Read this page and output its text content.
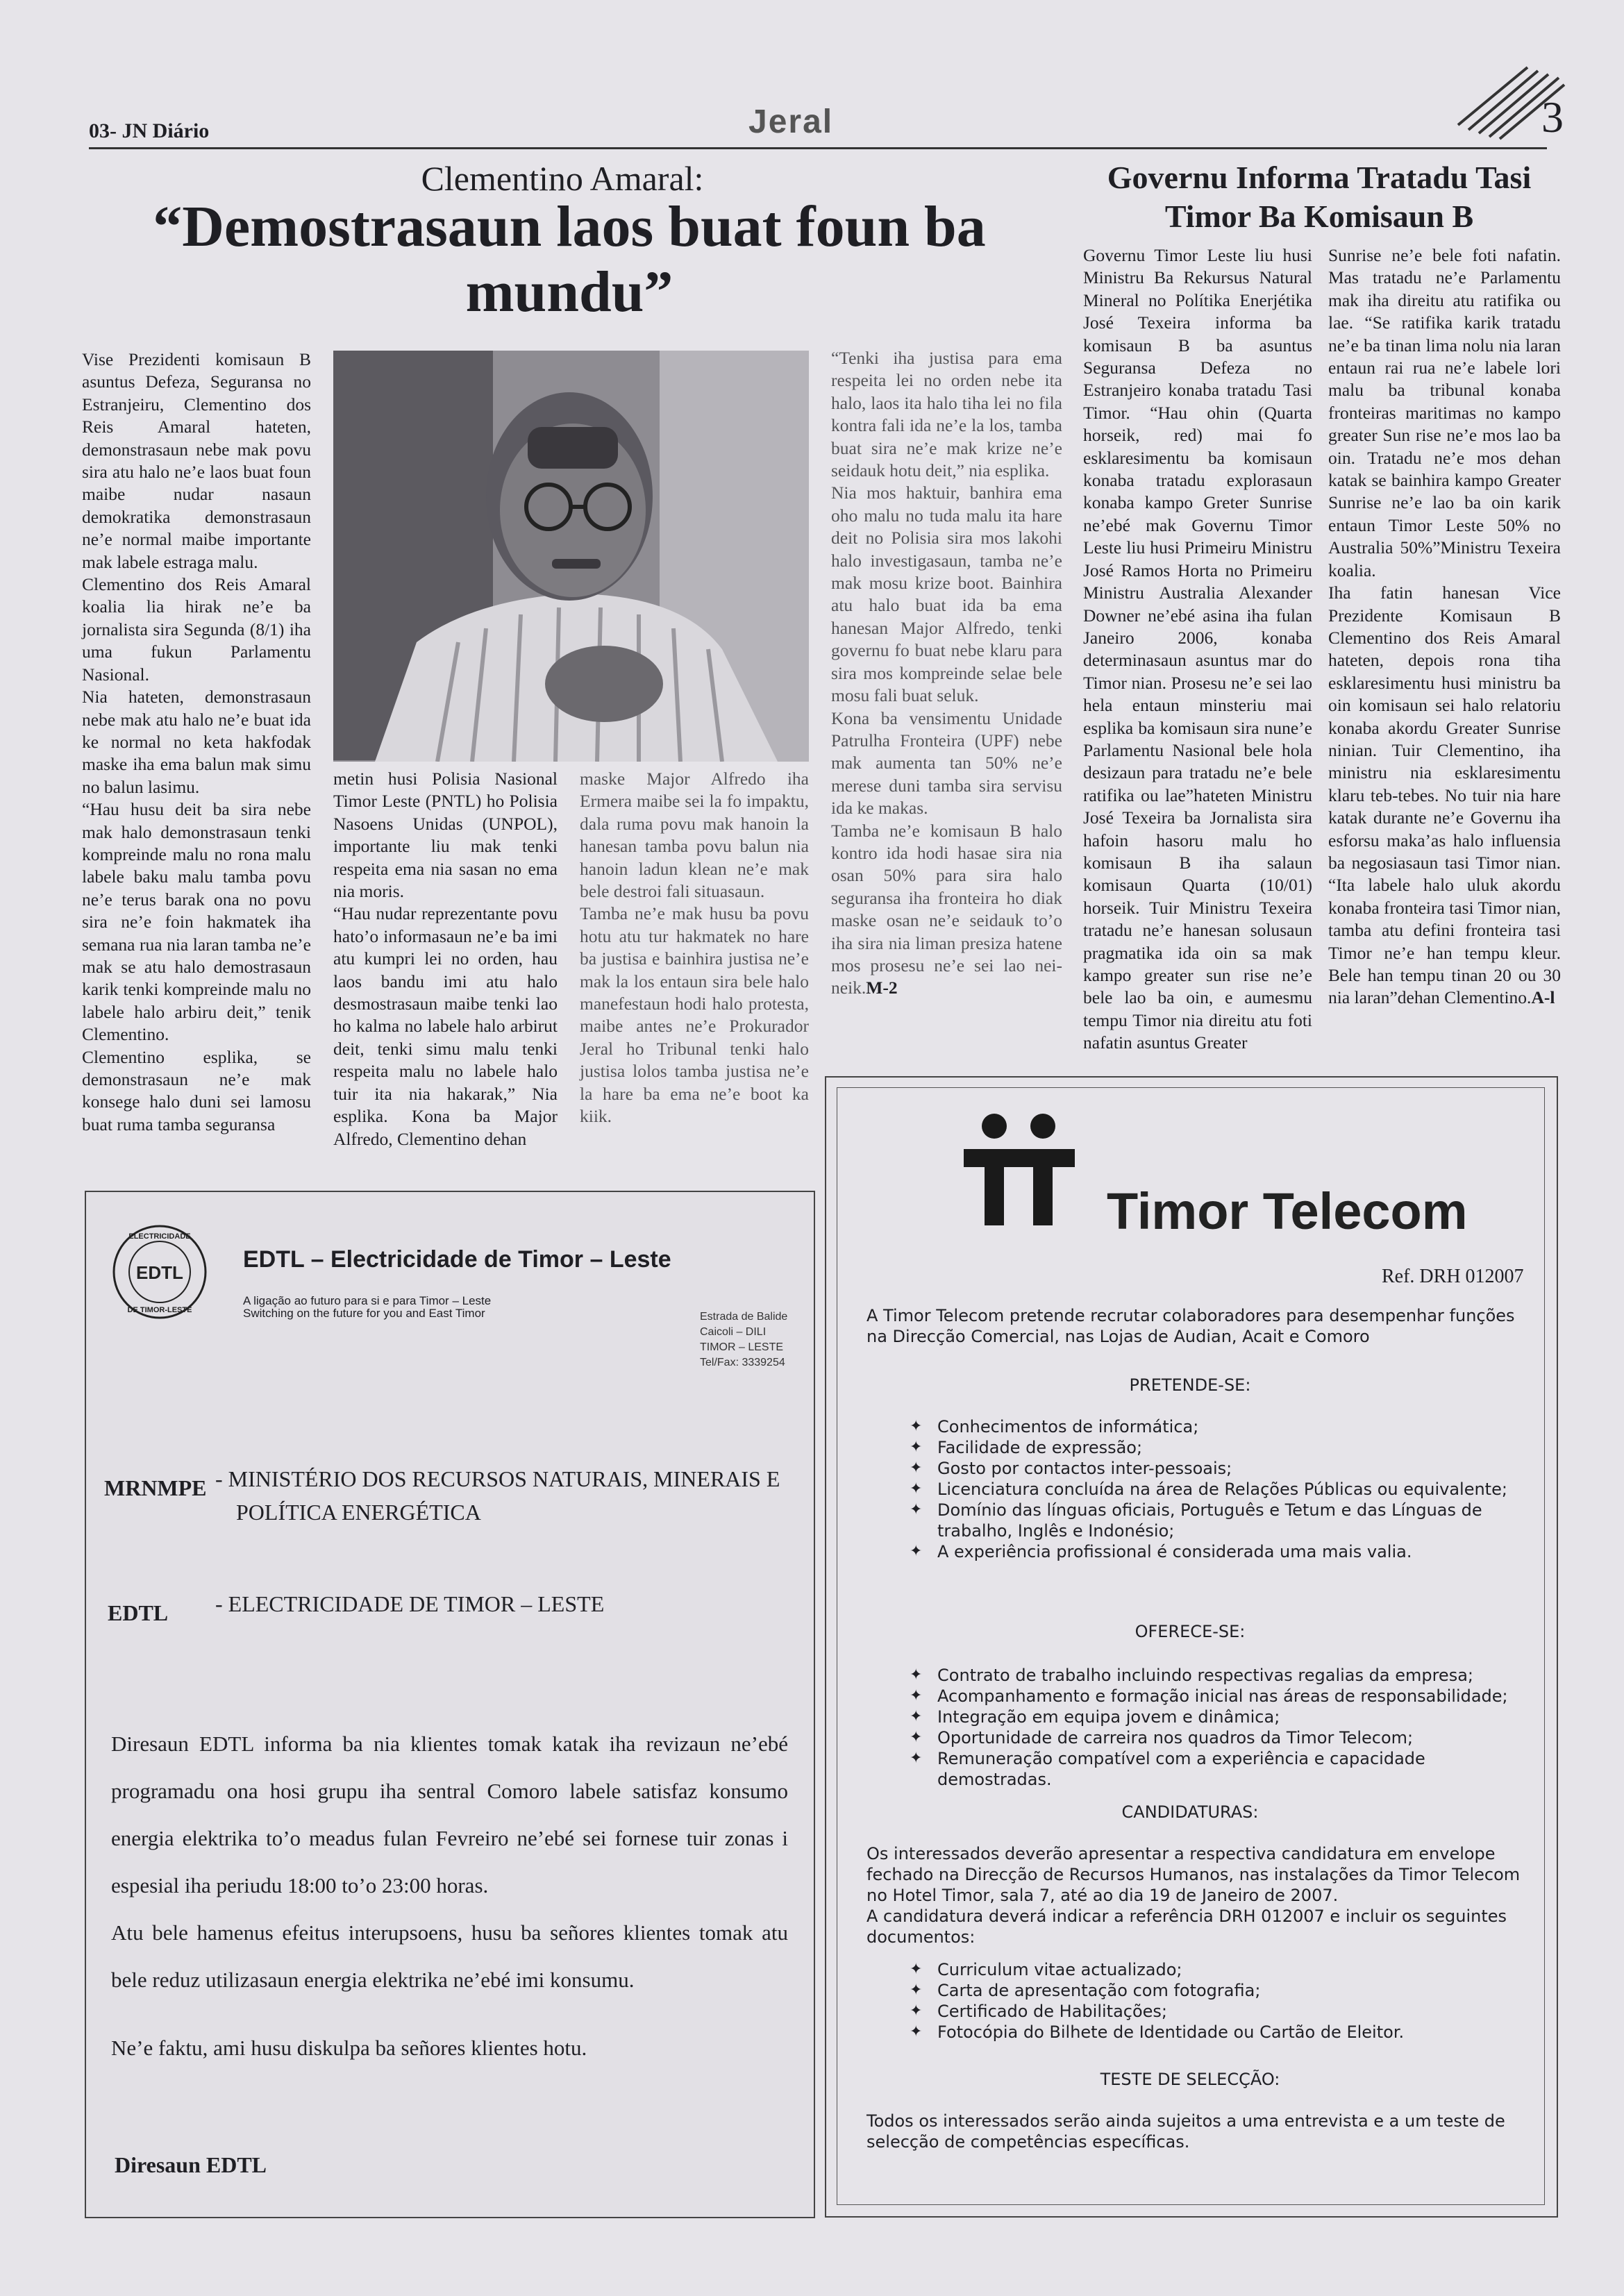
03- JN Diário	Jeral	3
Clementino Amaral:
“Demostrasaun laos buat foun ba mundu”
Vise Prezidenti komisaun B asuntus Defeza, Seguransa no Estranjeiru, Clementino dos Reis Amaral hateten, demonstrasaun nebe mak povu sira atu halo ne’e laos buat foun maibe nudar nasaun demokratika demonstrasaun ne’e normal maibe importante mak labele estraga malu.
Clementino dos Reis Amaral koalia lia hirak ne’e ba jornalista sira Segunda (8/1) iha uma fukun Parlamentu Nasional.
Nia hateten, demonstrasaun nebe mak atu halo ne’e buat ida ke normal no keta hakfodak maske iha ema balun mak simu no balun lasimu.
“Hau husu deit ba sira nebe mak halo demonstrasaun tenki kompreinde malu no rona malu labele baku malu tamba povu ne’e terus barak ona no povu sira ne’e foin hakmatek iha semana rua nia laran tamba ne’e mak se atu halo demostrasaun karik tenki kompreinde malu no labele halo arbiru deit,” tenik Clementino.
Clementino esplika, se demonstrasaun ne’e mak konsege halo duni sei lamosu buat ruma tamba seguransa
metin husi Polisia Nasional Timor Leste (PNTL) ho Polisia Nasoens Unidas (UNPOL), importante liu mak tenki respeita ema nia sasan no ema nia moris.
“Hau nudar reprezentante povu hato’o informasaun ne’e ba imi atu kumpri lei no orden, hau laos bandu imi atu halo desmostrasaun maibe tenki lao ho kalma no labele halo arbirut deit, tenki simu malu tenki respeita malu no labele halo tuir ita nia hakarak,” Nia esplika. Kona ba Major Alfredo, Clementino dehan
maske Major Alfredo iha Ermera maibe sei la fo impaktu, dala ruma povu mak hanoin la hanesan tamba povu balun nia hanoin ladun klean ne’e mak bele destroi fali situasaun.
Tamba ne’e mak husu ba povu hotu atu tur hakmatek no hare ba justisa e bainhira justisa ne’e mak la los entaun sira bele halo manefestaun hodi halo protesta, maibe antes ne’e Prokurador Jeral ho Tribunal tenki halo justisa lolos tamba justisa ne’e la hare ba ema ne’e boot ka kiik.
“Tenki iha justisa para ema respeita lei no orden nebe ita halo, laos ita halo tiha lei no fila kontra fali ida ne’e la los, tamba buat sira ne’e mak krize ne’e seidauk hotu deit,” nia esplika.
Nia mos haktuir, banhira ema oho malu no tuda malu ita hare deit no Polisia sira mos lakohi halo investigasaun, tamba ne’e mak mosu krize boot. Bainhira atu halo buat ida ba ema hanesan Major Alfredo, tenki governu fo buat nebe klaru para sira mos kompreinde selae bele mosu fali buat seluk.
Kona ba vensimentu Unidade Patrulha Fronteira (UPF) nebe mak aumenta tan 50% ne’e merese duni tamba sira servisu ida ke makas.
Tamba ne’e komisaun B halo kontro ida hodi hasae sira nia osan 50% para sira halo seguransa iha fronteira ho diak maske osan ne’e seidauk to’o iha sira nia liman presiza hatene mos prosesu ne’e sei lao nei-neik.M-2
Governu Informa Tratadu Tasi Timor Ba Komisaun B
Governu Timor Leste liu husi Ministru Ba Rekursus Natural Mineral no Polítika Enerjétika José Texeira informa ba komisaun B ba asuntus Seguransa Defeza no Estranjeiro konaba tratadu Tasi Timor. “Hau ohin (Quarta horseik, red) mai fo esklaresimentu ba komisaun konaba tratadu explorasaun konaba kampo Greter Sunrise ne’ebé mak Governu Timor Leste liu husi Primeiru Ministru José Ramos Horta no Primeiru Ministru Australia Alexander Downer ne’ebé asina iha fulan Janeiro 2006, konaba determinasaun asuntus mar do Timor nian. Prosesu ne’e sei lao hela entaun minsteriu mai esplika ba komisaun sira nune’e Parlamentu Nasional bele hola desizaun para tratadu ne’e bele ratifika ou lae”hateten Ministru José Texeira ba Jornalista sira hafoin hasoru malu ho komisaun B iha salaun komisaun Quarta (10/01) horseik. Tuir Ministru Texeira tratadu ne’e hanesan solusaun pragmatika ida oin sa mak kampo greater sun rise ne’e bele lao ba oin, e aumesmu tempu Timor nia direitu atu foti nafatin asuntus Greater
Sunrise ne’e bele foti nafatin. Mas tratadu ne’e Parlamentu mak iha direitu atu ratifika ou lae. “Se ratifika karik tratadu ne’e ba tinan lima nolu nia laran entaun rai rua ne’e labele lori malu ba tribunal konaba fronteiras maritimas no kampo greater Sun rise ne’e mos lao ba oin. Tratadu ne’e mos dehan katak se bainhira kampo Greater Sunrise ne’e lao ba oin karik entaun Timor Leste 50% no Australia 50%”Ministru Texeira koalia.
Iha fatin hanesan Vice Prezidente Komisaun B Clementino dos Reis Amaral hateten, depois rona tiha esklaresimentu husi ministru ba oin komisaun sei halo relatoriu konaba akordu Greater Sunrise ninian. Tuir Clementino, iha ministru nia esklaresimentu klaru teb-tebes. No tuir nia hare katak durante ne’e Governu iha esforsu maka’as halo influensia ba negosiasaun tasi Timor nian. “Ita labele halo uluk akordu konaba fronteira tasi Timor nian, tamba atu defini fronteira tasi Timor ne’e han tempu kleur. Bele han tempu tinan 20 ou 30 nia laran”dehan Clementino.A-l
EDTL
ELECTRICIDADE
DE TIMOR-LESTE
EDTL – Electricidade de Timor – Leste
A ligação ao futuro para si e para Timor – Leste
Switching on the future for you and East Timor	Estrada de Balide
Caicoli – DILI
TIMOR – LESTE
Tel/Fax: 3339254
MRNMPE - MINISTÉRIO DOS RECURSOS NATURAIS, MINERAIS E
POLÍTICA ENERGÉTICA
EDTL - ELECTRICIDADE DE TIMOR – LESTE
Diresaun EDTL informa ba nia klientes tomak katak iha revizaun ne’ebé programadu ona hosi grupu iha sentral Comoro labele satisfaz konsumo energia elektrika to’o meadus fulan Fevreiro ne’ebé sei fornese tuir zonas i espesial iha periudu 18:00 to’o 23:00 horas.
Atu bele hamenus efeitus interupsoens, husu ba señores klientes tomak atu bele reduz utilizasaun energia elektrika ne’ebé imi konsumu.
Ne’e faktu, ami husu diskulpa ba señores klientes hotu.
Diresaun EDTL
Timor Telecom
Ref. DRH 012007
A Timor Telecom pretende recrutar colaboradores para desempenhar funções na Direcção Comercial, nas Lojas de Audian, Acait e Comoro
PRETENDE-SE:
✦ Conhecimentos de informática;
✦ Facilidade de expressão;
✦ Gosto por contactos inter-pessoais;
✦ Licenciatura concluída na área de Relações Públicas ou equivalente;
✦ Domínio das línguas oficiais, Português e Tetum e das Línguas de trabalho, Inglês e Indonésio;
✦ A experiência profissional é considerada uma mais valia.
OFERECE-SE:
✦ Contrato de trabalho incluindo respectivas regalias da empresa;
✦ Acompanhamento e formação inicial nas áreas de responsabilidade;
✦ Integração em equipa jovem e dinâmica;
✦ Oportunidade de carreira nos quadros da Timor Telecom;
✦ Remuneração compatível com a experiência e capacidade demostradas.
CANDIDATURAS:
Os interessados deverão apresentar a respectiva candidatura em envelope fechado na Direcção de Recursos Humanos, nas instalações da Timor Telecom no Hotel Timor, sala 7, até ao dia 19 de Janeiro de 2007.
A candidatura deverá indicar a referência DRH 012007 e incluir os seguintes documentos:
✦ Curriculum vitae actualizado;
✦ Carta de apresentação com fotografia;
✦ Certificado de Habilitações;
✦ Fotocópia do Bilhete de Identidade ou Cartão de Eleitor.
TESTE DE SELECÇÃO:
Todos os interessados serão ainda sujeitos a uma entrevista e a um teste de selecção de competências específicas.
